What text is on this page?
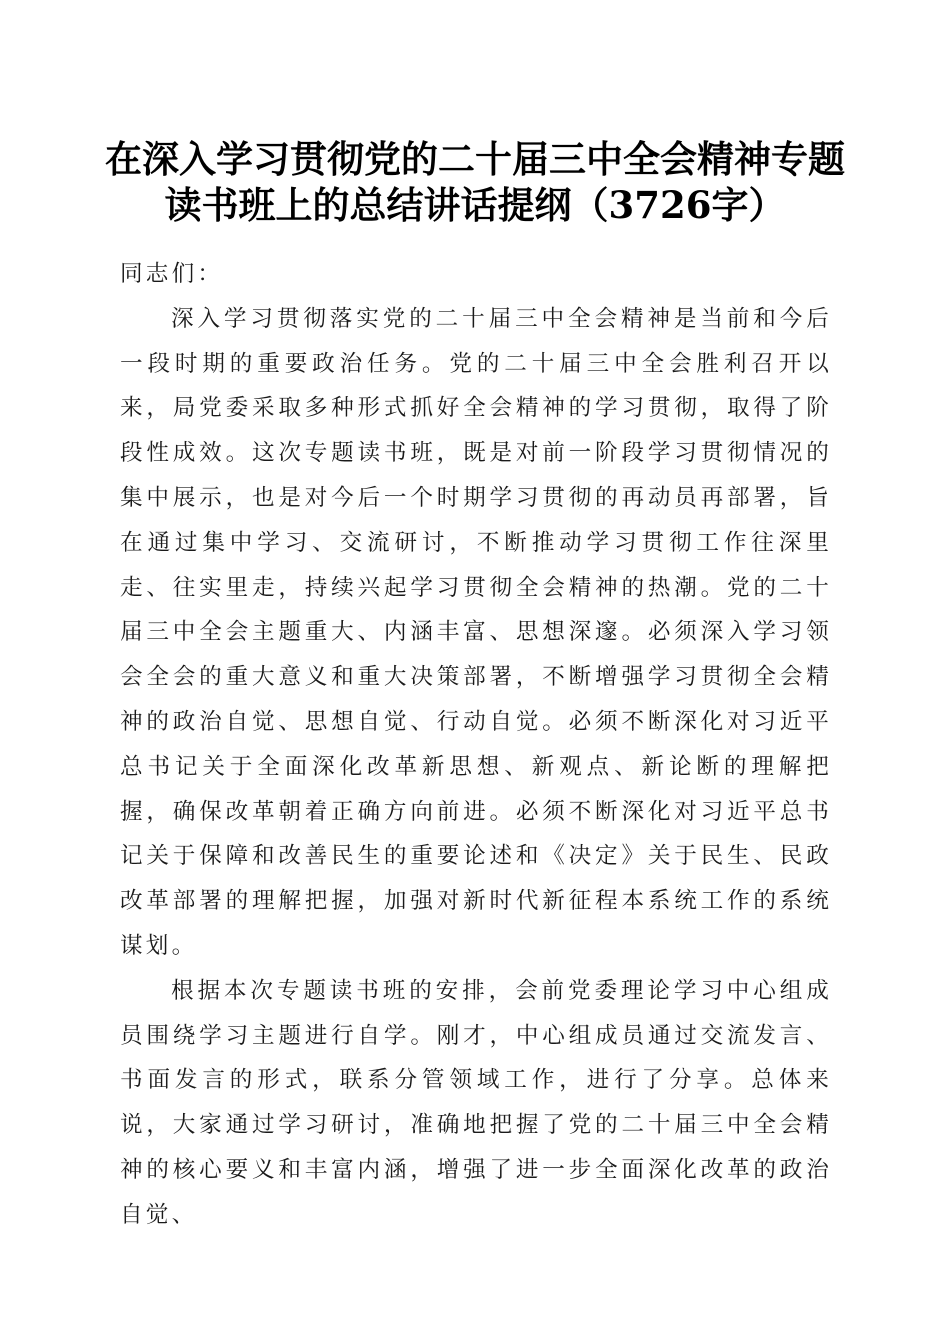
在深入学习贯彻党的二十届三中全会精神专题
读书班上的总结讲话提纲（3726字）
同志们：

深入学习贯彻落实党的二十届三中全会精神是当前和今后一段时期的重要政治任务。党的二十届三中全会胜利召开以来，局党委采取多种形式抓好全会精神的学习贯彻，取得了阶段性成效。这次专题读书班，既是对前一阶段学习贯彻情况的集中展示，也是对今后一个时期学习贯彻的再动员再部署，旨在通过集中学习、交流研讨，不断推动学习贯彻工作往深里走、往实里走，持续兴起学习贯彻全会精神的热潮。党的二十届三中全会主题重大、内涵丰富、思想深邃。必须深入学习领会全会的重大意义和重大决策部署，不断增强学习贯彻全会精神的政治自觉、思想自觉、行动自觉。必须不断深化对习近平总书记关于全面深化改革新思想、新观点、新论断的理解把握，确保改革朝着正确方向前进。必须不断深化对习近平总书记关于保障和改善民生的重要论述和《决定》关于民生、民政改革部署的理解把握，加强对新时代新征程本系统工作的系统谋划。

根据本次专题读书班的安排，会前党委理论学习中心组成员围绕学习主题进行自学。刚才，中心组成员通过交流发言、书面发言的形式，联系分管领域工作，进行了分享。总体来说，大家通过学习研讨，准确地把握了党的二十届三中全会精神的核心要义和丰富内涵，增强了进一步全面深化改革的政治自觉、
